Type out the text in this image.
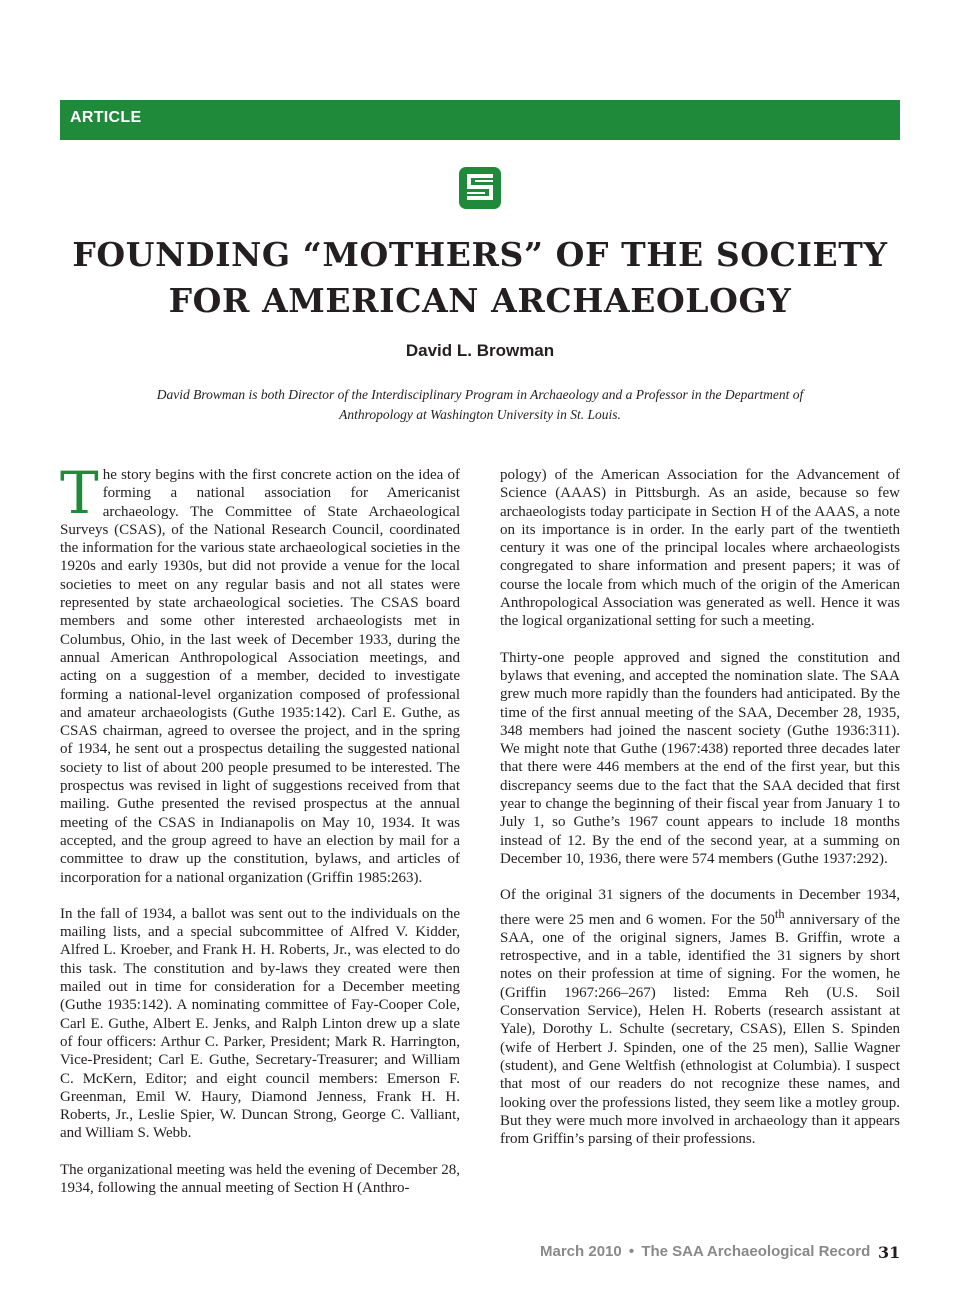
ARTICLE
FOUNDING “MOTHERS” OF THE SOCIETY FOR AMERICAN ARCHAEOLOGY
David L. Browman
David Browman is both Director of the Interdisciplinary Program in Archaeology and a Professor in the Department of Anthropology at Washington University in St. Louis.

The story begins with the first concrete action on the idea of forming a national association for Americanist archaeology. The Committee of State Archaeological Surveys (CSAS), of the National Research Council, coordinated the information for the various state archaeological societies in the 1920s and early 1930s, but did not provide a venue for the local societies to meet on any regular basis and not all states were represented by state archaeological societies. The CSAS board members and some other interested archaeologists met in Columbus, Ohio, in the last week of December 1933, during the annual American Anthropological Association meetings, and acting on a suggestion of a member, decided to investigate forming a national-level organization composed of professional and amateur archaeologists (Guthe 1935:142). Carl E. Guthe, as CSAS chairman, agreed to oversee the project, and in the spring of 1934, he sent out a prospectus detailing the suggested national society to list of about 200 people presumed to be interested. The prospectus was revised in light of suggestions received from that mailing. Guthe presented the revised prospectus at the annual meeting of the CSAS in Indianapolis on May 10, 1934. It was accepted, and the group agreed to have an election by mail for a committee to draw up the constitution, bylaws, and articles of incorporation for a national organization (Griffin 1985:263).

In the fall of 1934, a ballot was sent out to the individuals on the mailing lists, and a special subcommittee of Alfred V. Kidder, Alfred L. Kroeber, and Frank H. H. Roberts, Jr., was elected to do this task. The constitution and by-laws they created were then mailed out in time for consideration for a December meeting (Guthe 1935:142). A nominating committee of Fay-Cooper Cole, Carl E. Guthe, Albert E. Jenks, and Ralph Linton drew up a slate of four officers: Arthur C. Parker, President; Mark R. Harrington, Vice-President; Carl E. Guthe, Secretary-Treasurer; and William C. McKern, Editor; and eight council members: Emerson F. Greenman, Emil W. Haury, Diamond Jenness, Frank H. H. Roberts, Jr., Leslie Spier, W. Duncan Strong, George C. Valliant, and William S. Webb.

The organizational meeting was held the evening of December 28, 1934, following the annual meeting of Section H (Anthro-

pology) of the American Association for the Advancement of Science (AAAS) in Pittsburgh. As an aside, because so few archaeologists today participate in Section H of the AAAS, a note on its importance is in order. In the early part of the twentieth century it was one of the principal locales where archaeologists congregated to share information and present papers; it was of course the locale from which much of the origin of the American Anthropological Association was generated as well. Hence it was the logical organizational setting for such a meeting.

Thirty-one people approved and signed the constitution and bylaws that evening, and accepted the nomination slate. The SAA grew much more rapidly than the founders had anticipated. By the time of the first annual meeting of the SAA, December 28, 1935, 348 members had joined the nascent society (Guthe 1936:311). We might note that Guthe (1967:438) reported three decades later that there were 446 members at the end of the first year, but this discrepancy seems due to the fact that the SAA decided that first year to change the beginning of their fiscal year from January 1 to July 1, so Guthe’s 1967 count appears to include 18 months instead of 12. By the end of the second year, at a summing on December 10, 1936, there were 574 members (Guthe 1937:292).

Of the original 31 signers of the documents in December 1934, there were 25 men and 6 women. For the 50th anniversary of the SAA, one of the original signers, James B. Griffin, wrote a retrospective, and in a table, identified the 31 signers by short notes on their profession at time of signing. For the women, he (Griffin 1967:266–267) listed: Emma Reh (U.S. Soil Conservation Service), Helen H. Roberts (research assistant at Yale), Dorothy L. Schulte (secretary, CSAS), Ellen S. Spinden (wife of Herbert J. Spinden, one of the 25 men), Sallie Wagner (student), and Gene Weltfish (ethnologist at Columbia). I suspect that most of our readers do not recognize these names, and looking over the professions listed, they seem like a motley group. But they were much more involved in archaeology than it appears from Griffin’s parsing of their professions.

March 2010 • The SAA Archaeological Record 31
